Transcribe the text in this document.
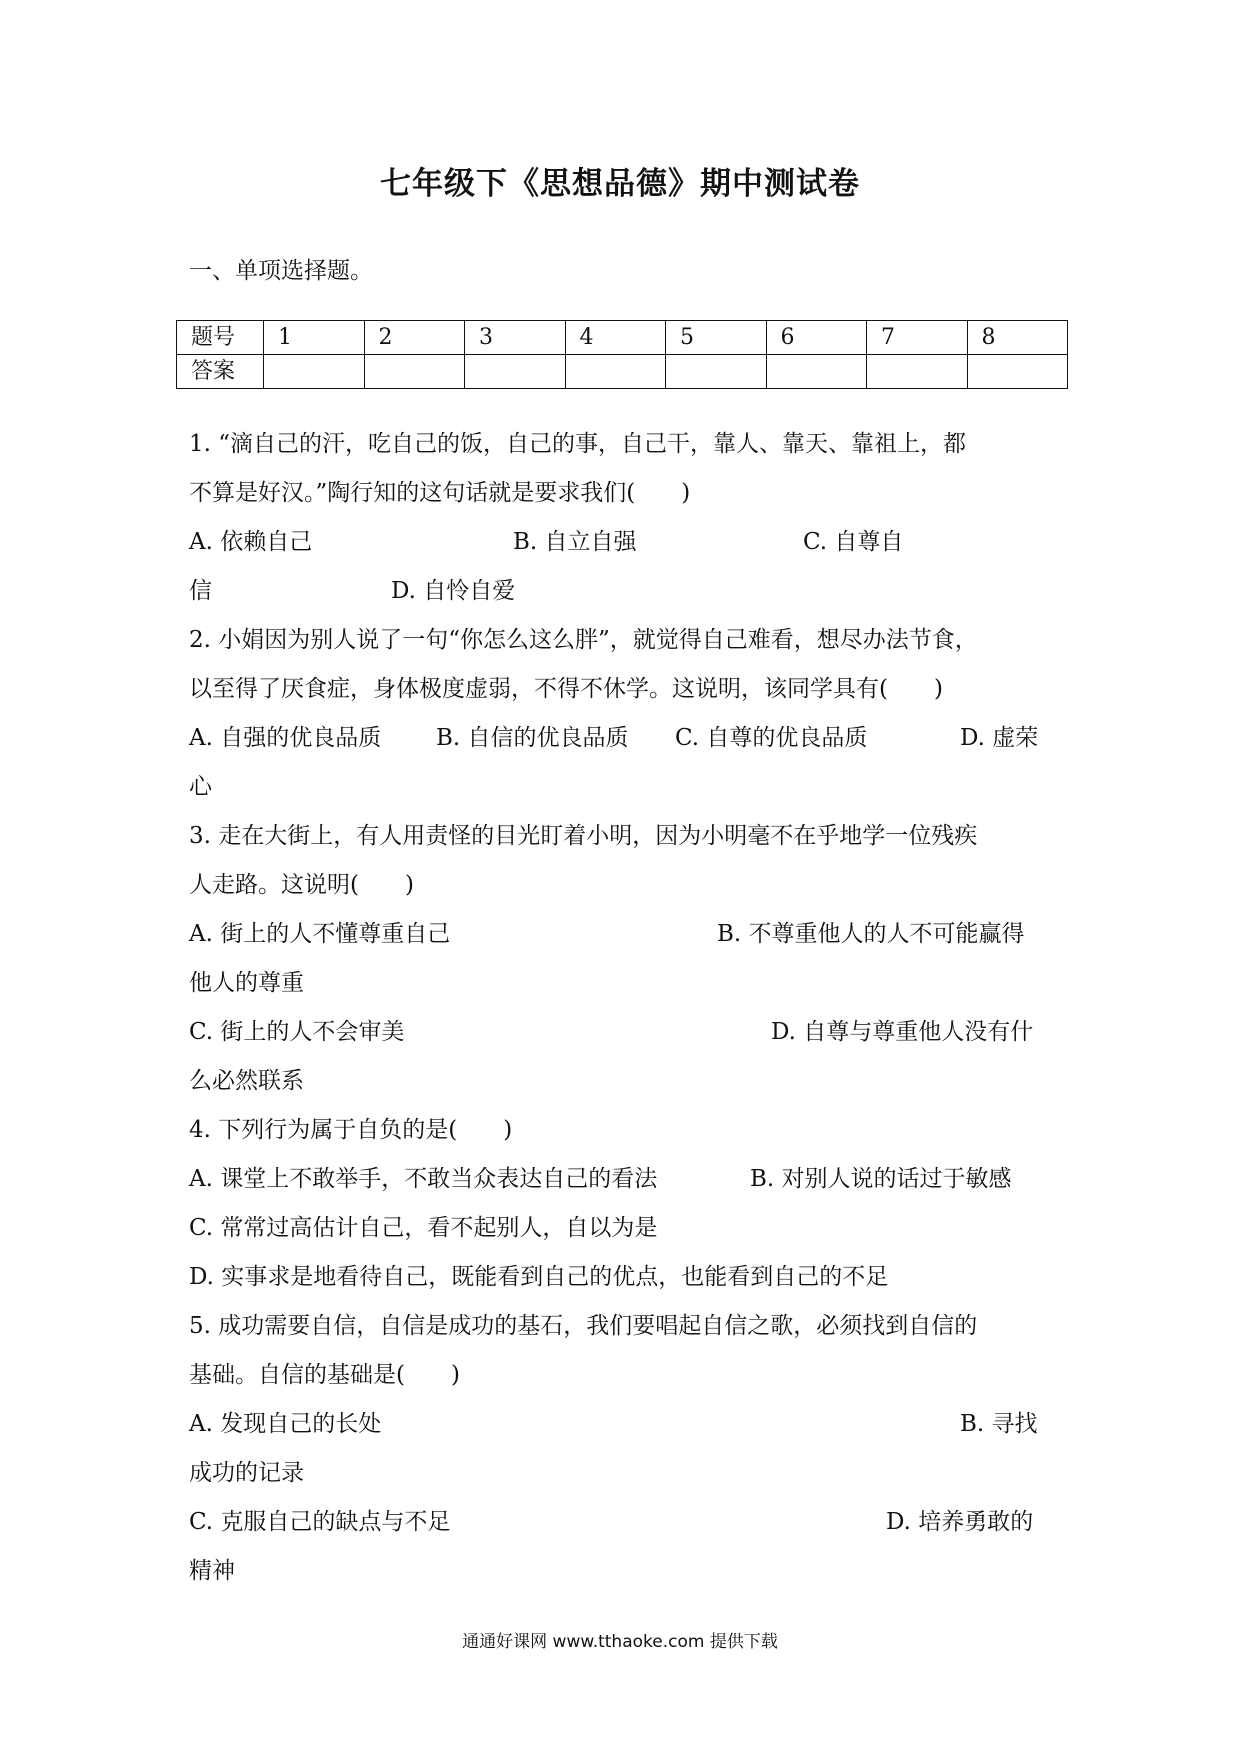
七年级下《思想品德》期中测试卷

一、单项选择题。

题号	1	2	3	4	5	6	7	8
答案								
1. “滴自己的汗，吃自己的饭，自己的事，自己干，靠人、靠天、靠祖上，都
不算是好汉。”陶行知的这句话就是要求我们(　　)
A. 依赖自己	B. 自立自强	C. 自尊自
信	D. 自怜自爱
2. 小娟因为别人说了一句“你怎么这么胖”，就觉得自己难看，想尽办法节食，
以至得了厌食症，身体极度虚弱，不得不休学。这说明，该同学具有(　　)
A. 自强的优良品质 B. 自信的优良品质 C. 自尊的优良品质	D. 虚荣
心
3. 走在大街上，有人用责怪的目光盯着小明，因为小明毫不在乎地学一位残疾
人走路。这说明(　　)
A. 街上的人不懂尊重自己	B. 不尊重他人的人不可能赢得
他人的尊重
C. 街上的人不会审美	D. 自尊与尊重他人没有什
么必然联系
4. 下列行为属于自负的是(　　)
A. 课堂上不敢举手，不敢当众表达自己的看法	B. 对别人说的话过于敏感
C. 常常过高估计自己，看不起别人，自以为是
D. 实事求是地看待自己，既能看到自己的优点，也能看到自己的不足
5. 成功需要自信，自信是成功的基石，我们要唱起自信之歌，必须找到自信的
基础。自信的基础是(　　)
A. 发现自己的长处	B. 寻找
成功的记录
C. 克服自己的缺点与不足	D. 培养勇敢的
精神
通通好课网 www.tthaoke.com 提供下载
